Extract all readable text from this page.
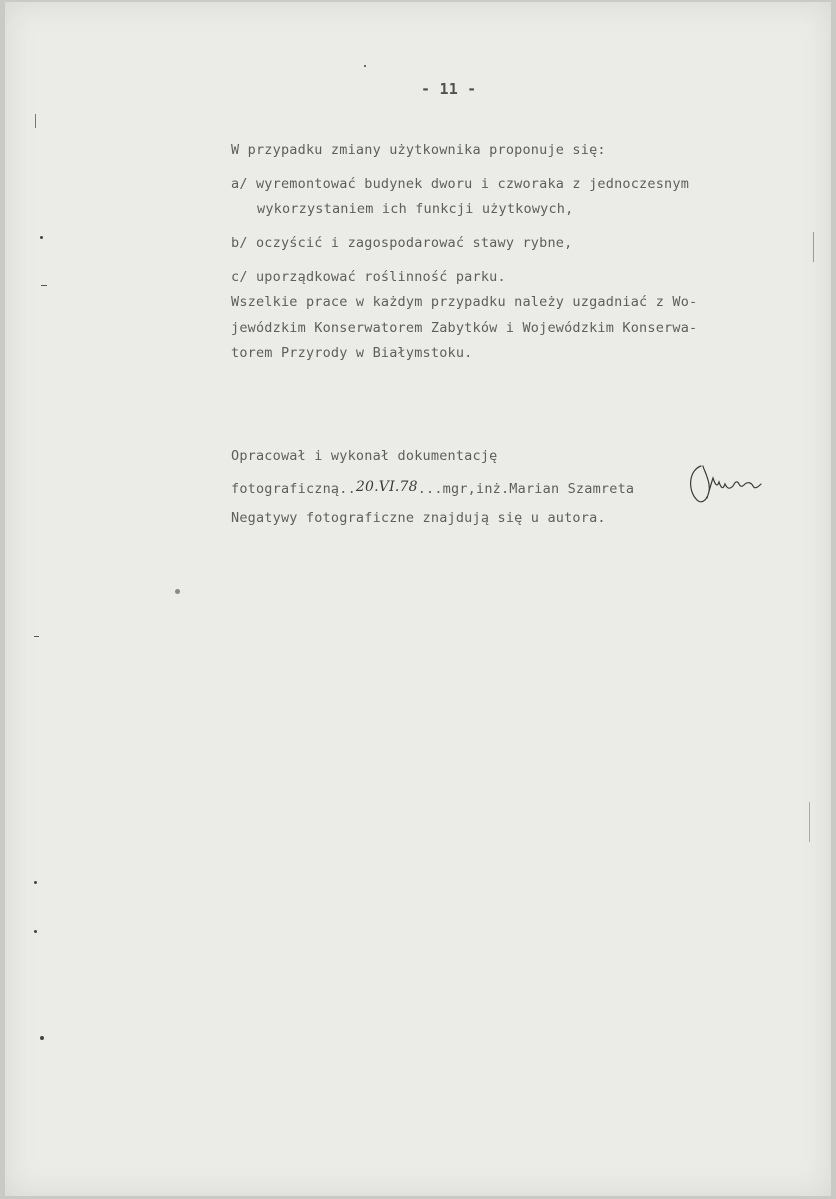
- 11 -
W przypadku zmiany użytkownika proponuje się:
a/ wyremontować budynek dworu i czworaka z jednoczesnym
wykorzystaniem ich funkcji użytkowych,
b/ oczyścić i zagospodarować stawy rybne,
c/ uporządkować roślinność parku.
Wszelkie prace w każdym przypadku należy uzgadniać z Wo-
jewódzkim Konserwatorem Zabytków i Wojewódzkim Konserwa-
torem Przyrody w Białymstoku.
Opracował i wykonał dokumentację
fotograficzną..20.VI.78...mgr,inż.Marian Szamreta
Negatywy fotograficzne znajdują się u autora.
